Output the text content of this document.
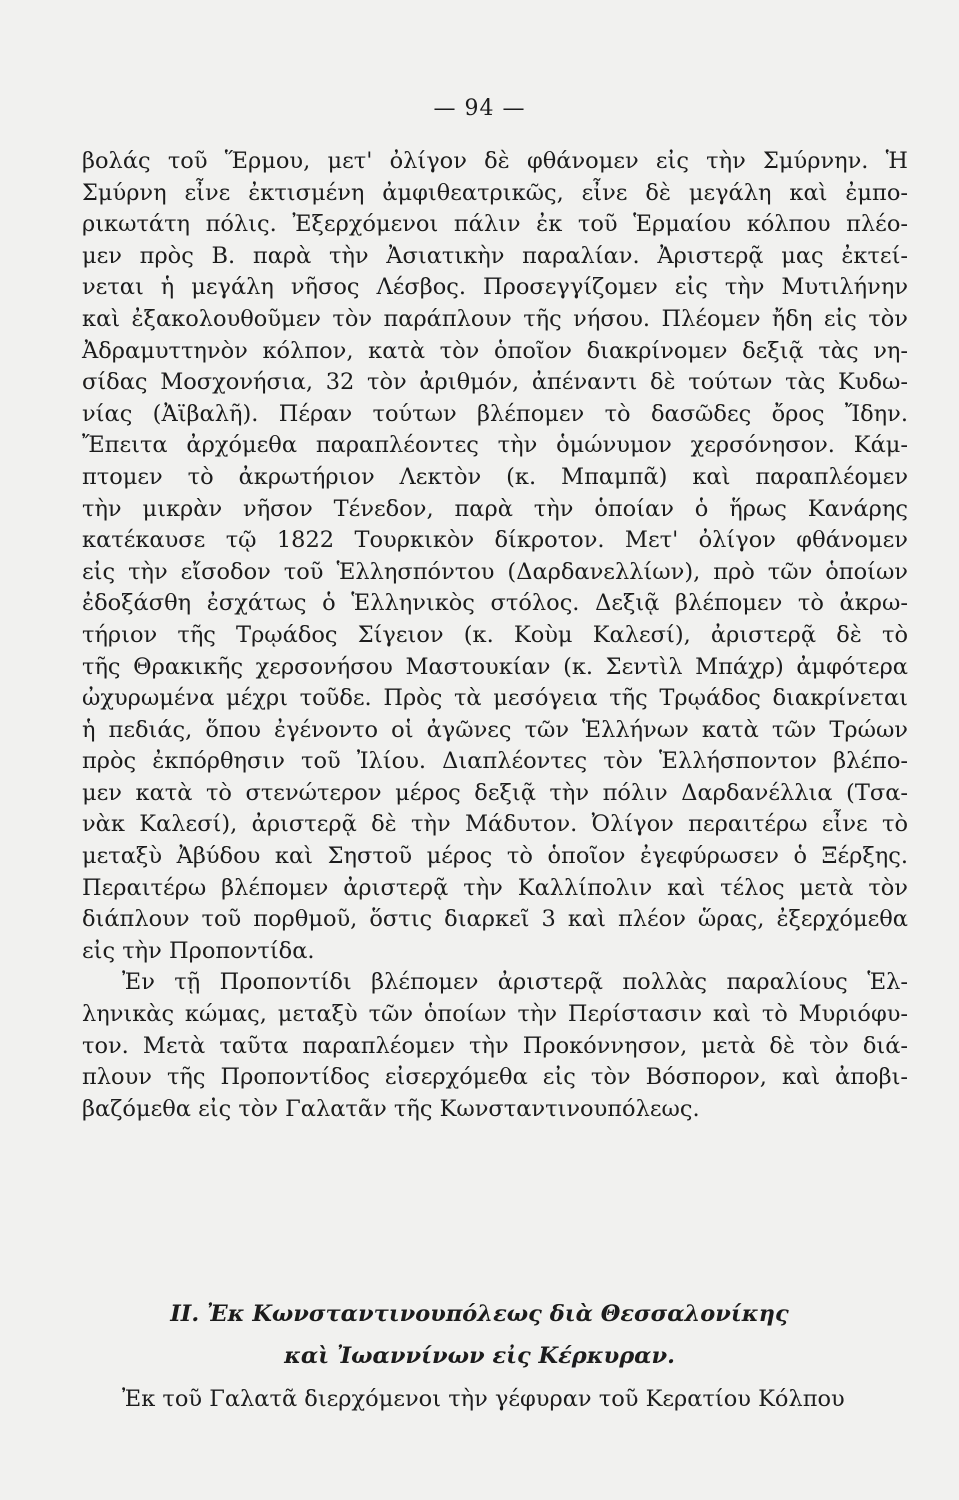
— 94 —
βολάς τοῦ Ἕρμου, μετ' ὀλίγον δὲ φθάνομεν εἰς τὴν Σμύρνην. Ἡ
Σμύρνη εἶνε ἐκτισμένη ἀμφιθεατρικῶς, εἶνε δὲ μεγάλη καὶ ἐμπο-
ρικωτάτη πόλις. Ἐξερχόμενοι πάλιν ἐκ τοῦ Ἑρμαίου κόλπου πλέο-
μεν πρὸς Β. παρὰ τὴν Ἀσιατικὴν παραλίαν. Ἀριστερᾷ μας ἐκτεί-
νεται ἡ μεγάλη νῆσος Λέσβος. Προσεγγίζομεν εἰς τὴν Μυτιλήνην
καὶ ἐξακολουθοῦμεν τὸν παράπλουν τῆς νήσου. Πλέομεν ἤδη εἰς τὸν
Ἀδραμυττηνὸν κόλπον, κατὰ τὸν ὁποῖον διακρίνομεν δεξιᾷ τὰς νη-
σίδας Μοσχονήσια, 32 τὸν ἀριθμόν, ἀπέναντι δὲ τούτων τὰς Κυδω-
νίας (Ἀϊβαλῆ). Πέραν τούτων βλέπομεν τὸ δασῶδες ὄρος Ἴδην.
Ἔπειτα ἀρχόμεθα παραπλέοντες τὴν ὁμώνυμον χερσόνησον. Κάμ-
πτομεν τὸ ἀκρωτήριον Λεκτὸν (κ. Μπαμπᾶ) καὶ παραπλέομεν
τὴν μικρὰν νῆσον Τένεδον, παρὰ τὴν ὁποίαν ὁ ἥρως Κανάρης
κατέκαυσε τῷ 1822 Τουρκικὸν δίκροτον. Μετ' ὀλίγον φθάνομεν
εἰς τὴν εἴσοδον τοῦ Ἑλλησπόντου (Δαρδανελλίων), πρὸ τῶν ὁποίων
ἐδοξάσθη ἐσχάτως ὁ Ἑλληνικὸς στόλος. Δεξιᾷ βλέπομεν τὸ ἀκρω-
τήριον τῆς Τρῳάδος Σίγειον (κ. Κοὺμ Καλεσί), ἀριστερᾷ δὲ τὸ
τῆς Θρακικῆς χερσονήσου Μαστουκίαν (κ. Σεντὶλ Μπάχρ) ἀμφότερα
ὠχυρωμένα μέχρι τοῦδε. Πρὸς τὰ μεσόγεια τῆς Τρῳάδος διακρίνεται
ἡ πεδιάς, ὅπου ἐγένοντο οἱ ἀγῶνες τῶν Ἑλλήνων κατὰ τῶν Τρώων
πρὸς ἐκπόρθησιν τοῦ Ἰλίου. Διαπλέοντες τὸν Ἑλλήσποντον βλέπο-
μεν κατὰ τὸ στενώτερον μέρος δεξιᾷ τὴν πόλιν Δαρδανέλλια (Τσα-
νὰκ Καλεσί), ἀριστερᾷ δὲ τὴν Μάδυτον. Ὀλίγον περαιτέρω εἶνε τὸ
μεταξὺ Ἀβύδου καὶ Σηστοῦ μέρος τὸ ὁποῖον ἐγεφύρωσεν ὁ Ξέρξης.
Περαιτέρω βλέπομεν ἀριστερᾷ τὴν Καλλίπολιν καὶ τέλος μετὰ τὸν
διάπλουν τοῦ πορθμοῦ, ὅστις διαρκεῖ 3 καὶ πλέον ὥρας, ἐξερχόμεθα
εἰς τὴν Προποντίδα.
Ἐν τῇ Προποντίδι βλέπομεν ἀριστερᾷ πολλὰς παραλίους Ἑλ-
ληνικὰς κώμας, μεταξὺ τῶν ὁποίων τὴν Περίστασιν καὶ τὸ Μυριόφυ-
τον. Μετὰ ταῦτα παραπλέομεν τὴν Προκόννησον, μετὰ δὲ τὸν διά-
πλουν τῆς Προποντίδος εἰσερχόμεθα εἰς τὸν Βόσπορον, καὶ ἀποβι-
βαζόμεθα εἰς τὸν Γαλατᾶν τῆς Κωνσταντινουπόλεως.
ΙΙ. Ἐκ Κωνσταντινουπόλεως διὰ Θεσσαλονίκης
καὶ Ἰωαννίνων εἰς Κέρκυραν.
Ἐκ τοῦ Γαλατᾶ διερχόμενοι τὴν γέφυραν τοῦ Κερατίου Κόλπου
